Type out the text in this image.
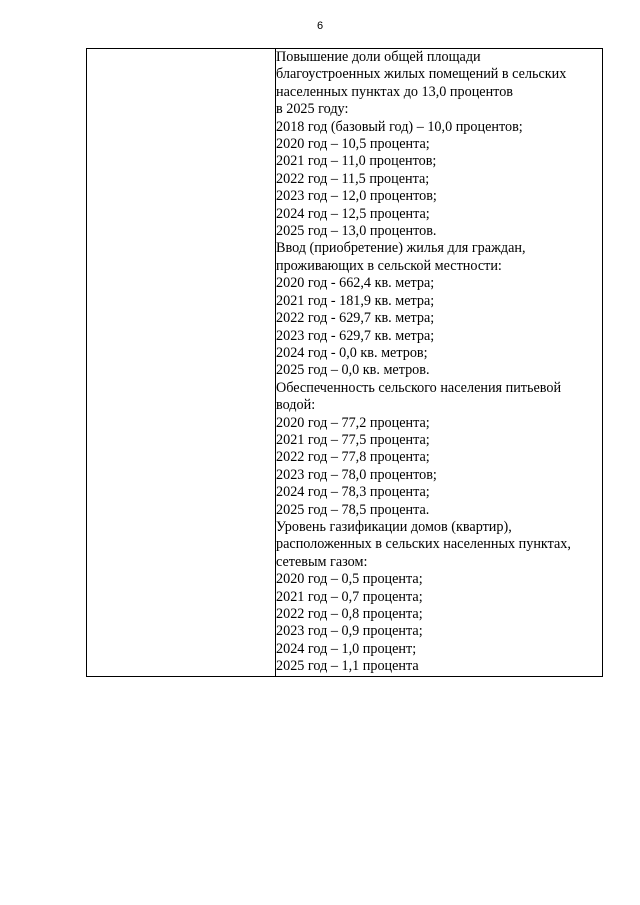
6

Повышение доли общей площади
благоустроенных жилых помещений в сельских
населенных пунктах до 13,0 процентов
в 2025 году:
2018 год (базовый год) – 10,0 процентов;
2020 год – 10,5 процента;
2021 год – 11,0 процентов;
2022 год – 11,5 процента;
2023 год – 12,0 процентов;
2024 год – 12,5 процента;
2025 год – 13,0 процентов.
Ввод (приобретение) жилья для граждан,
проживающих в сельской местности:
2020 год - 662,4 кв. метра;
2021 год - 181,9 кв. метра;
2022 год - 629,7 кв. метра;
2023 год - 629,7 кв. метра;
2024 год - 0,0 кв. метров;
2025 год – 0,0 кв. метров.
Обеспеченность сельского населения питьевой
водой:
2020 год – 77,2 процента;
2021 год – 77,5 процента;
2022 год – 77,8 процента;
2023 год – 78,0 процентов;
2024 год – 78,3 процента;
2025 год – 78,5 процента.
Уровень газификации домов (квартир),
расположенных в сельских населенных пунктах,
сетевым газом:
2020 год – 0,5 процента;
2021 год – 0,7 процента;
2022 год – 0,8 процента;
2023 год – 0,9 процента;
2024 год – 1,0 процент;
2025 год – 1,1 процента
